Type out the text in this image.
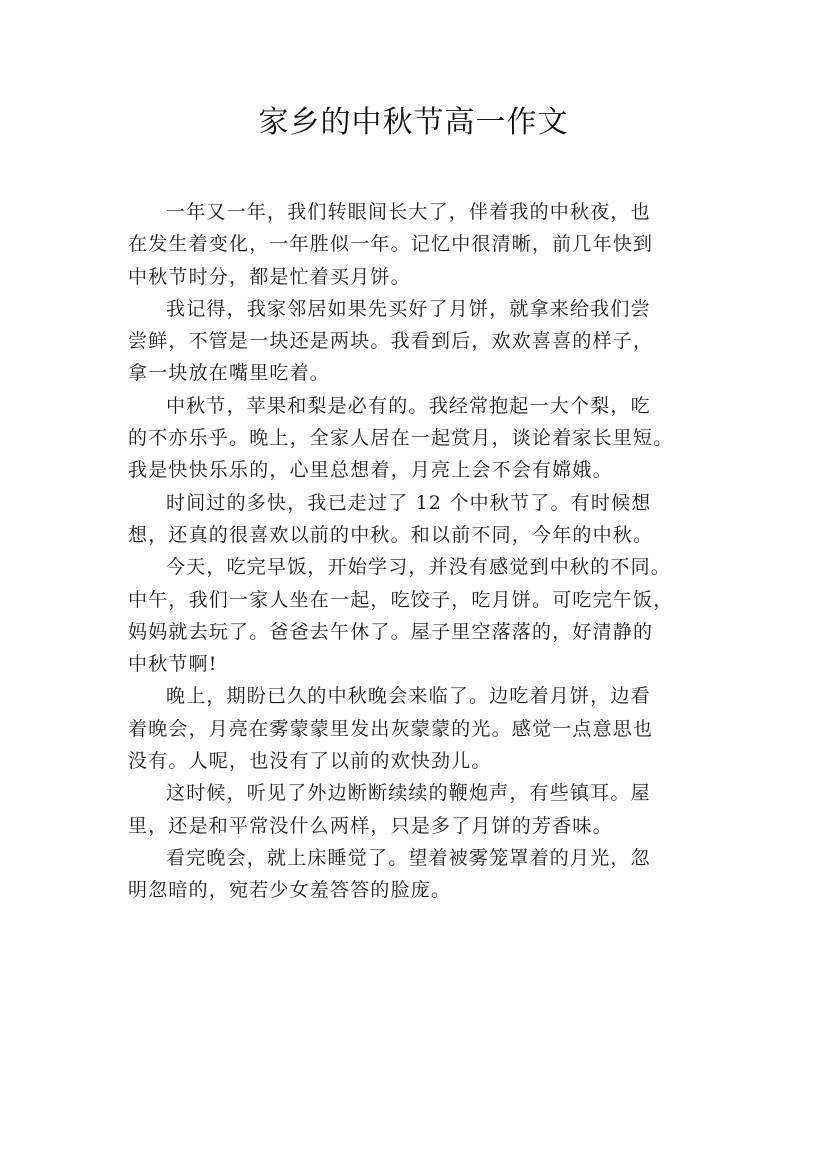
家乡的中秋节高一作文

一年又一年，我们转眼间长大了，伴着我的中秋夜，也
在发生着变化，一年胜似一年。记忆中很清晰，前几年快到
中秋节时分，都是忙着买月饼。

我记得，我家邻居如果先买好了月饼，就拿来给我们尝
尝鲜，不管是一块还是两块。我看到后，欢欢喜喜的样子，
拿一块放在嘴里吃着。

中秋节，苹果和梨是必有的。我经常抱起一大个梨，吃
的不亦乐乎。晚上，全家人居在一起赏月，谈论着家长里短。
我是快快乐乐的，心里总想着，月亮上会不会有嫦娥。

时间过的多快，我已走过了 12 个中秋节了。有时候想
想，还真的很喜欢以前的中秋。和以前不同，今年的中秋。

今天，吃完早饭，开始学习，并没有感觉到中秋的不同。
中午，我们一家人坐在一起，吃饺子，吃月饼。可吃完午饭，
妈妈就去玩了。爸爸去午休了。屋子里空落落的，好清静的
中秋节啊!

晚上，期盼已久的中秋晚会来临了。边吃着月饼，边看
着晚会，月亮在雾蒙蒙里发出灰蒙蒙的光。感觉一点意思也
没有。人呢，也没有了以前的欢快劲儿。

这时候，听见了外边断断续续的鞭炮声，有些镇耳。屋
里，还是和平常没什么两样，只是多了月饼的芳香味。

看完晚会，就上床睡觉了。望着被雾笼罩着的月光，忽
明忽暗的，宛若少女羞答答的脸庞。
